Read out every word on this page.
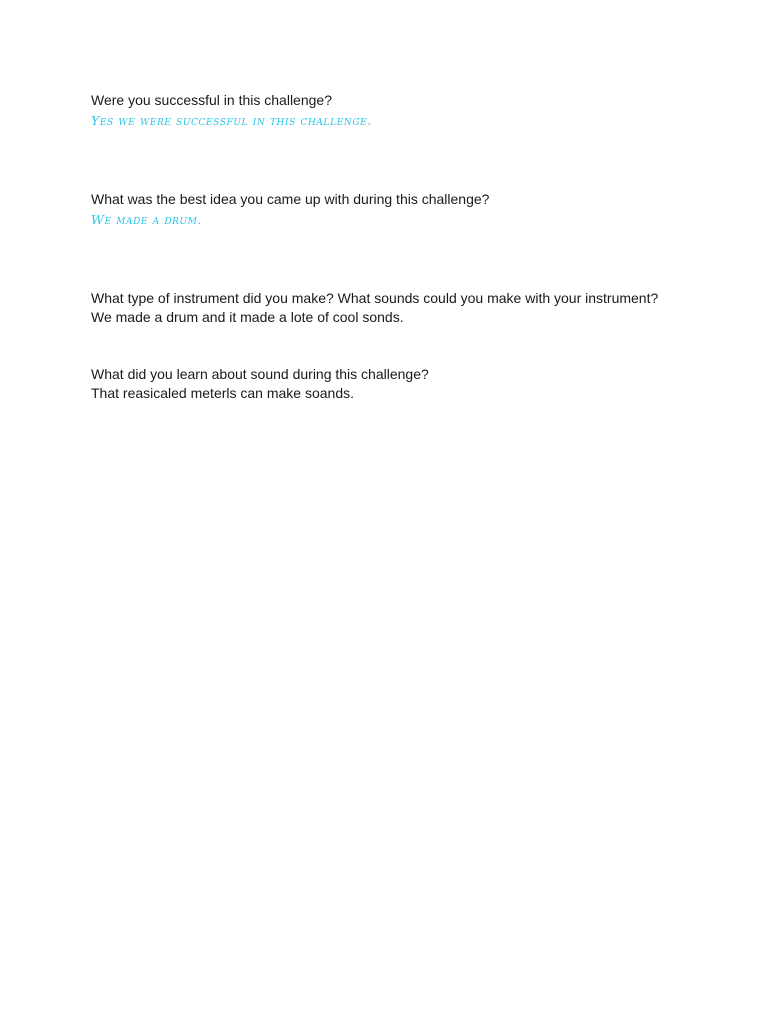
Were you successful in this challenge?

Yes we were successful in this challenge.

What was the best idea you came up with during this challenge?

We made a drum.

What type of instrument did you make? What sounds could you make with your instrument?

We made a drum and it made a lote of cool sonds.

What did you learn about sound during this challenge?

That reasicaled meterls can make soands.
